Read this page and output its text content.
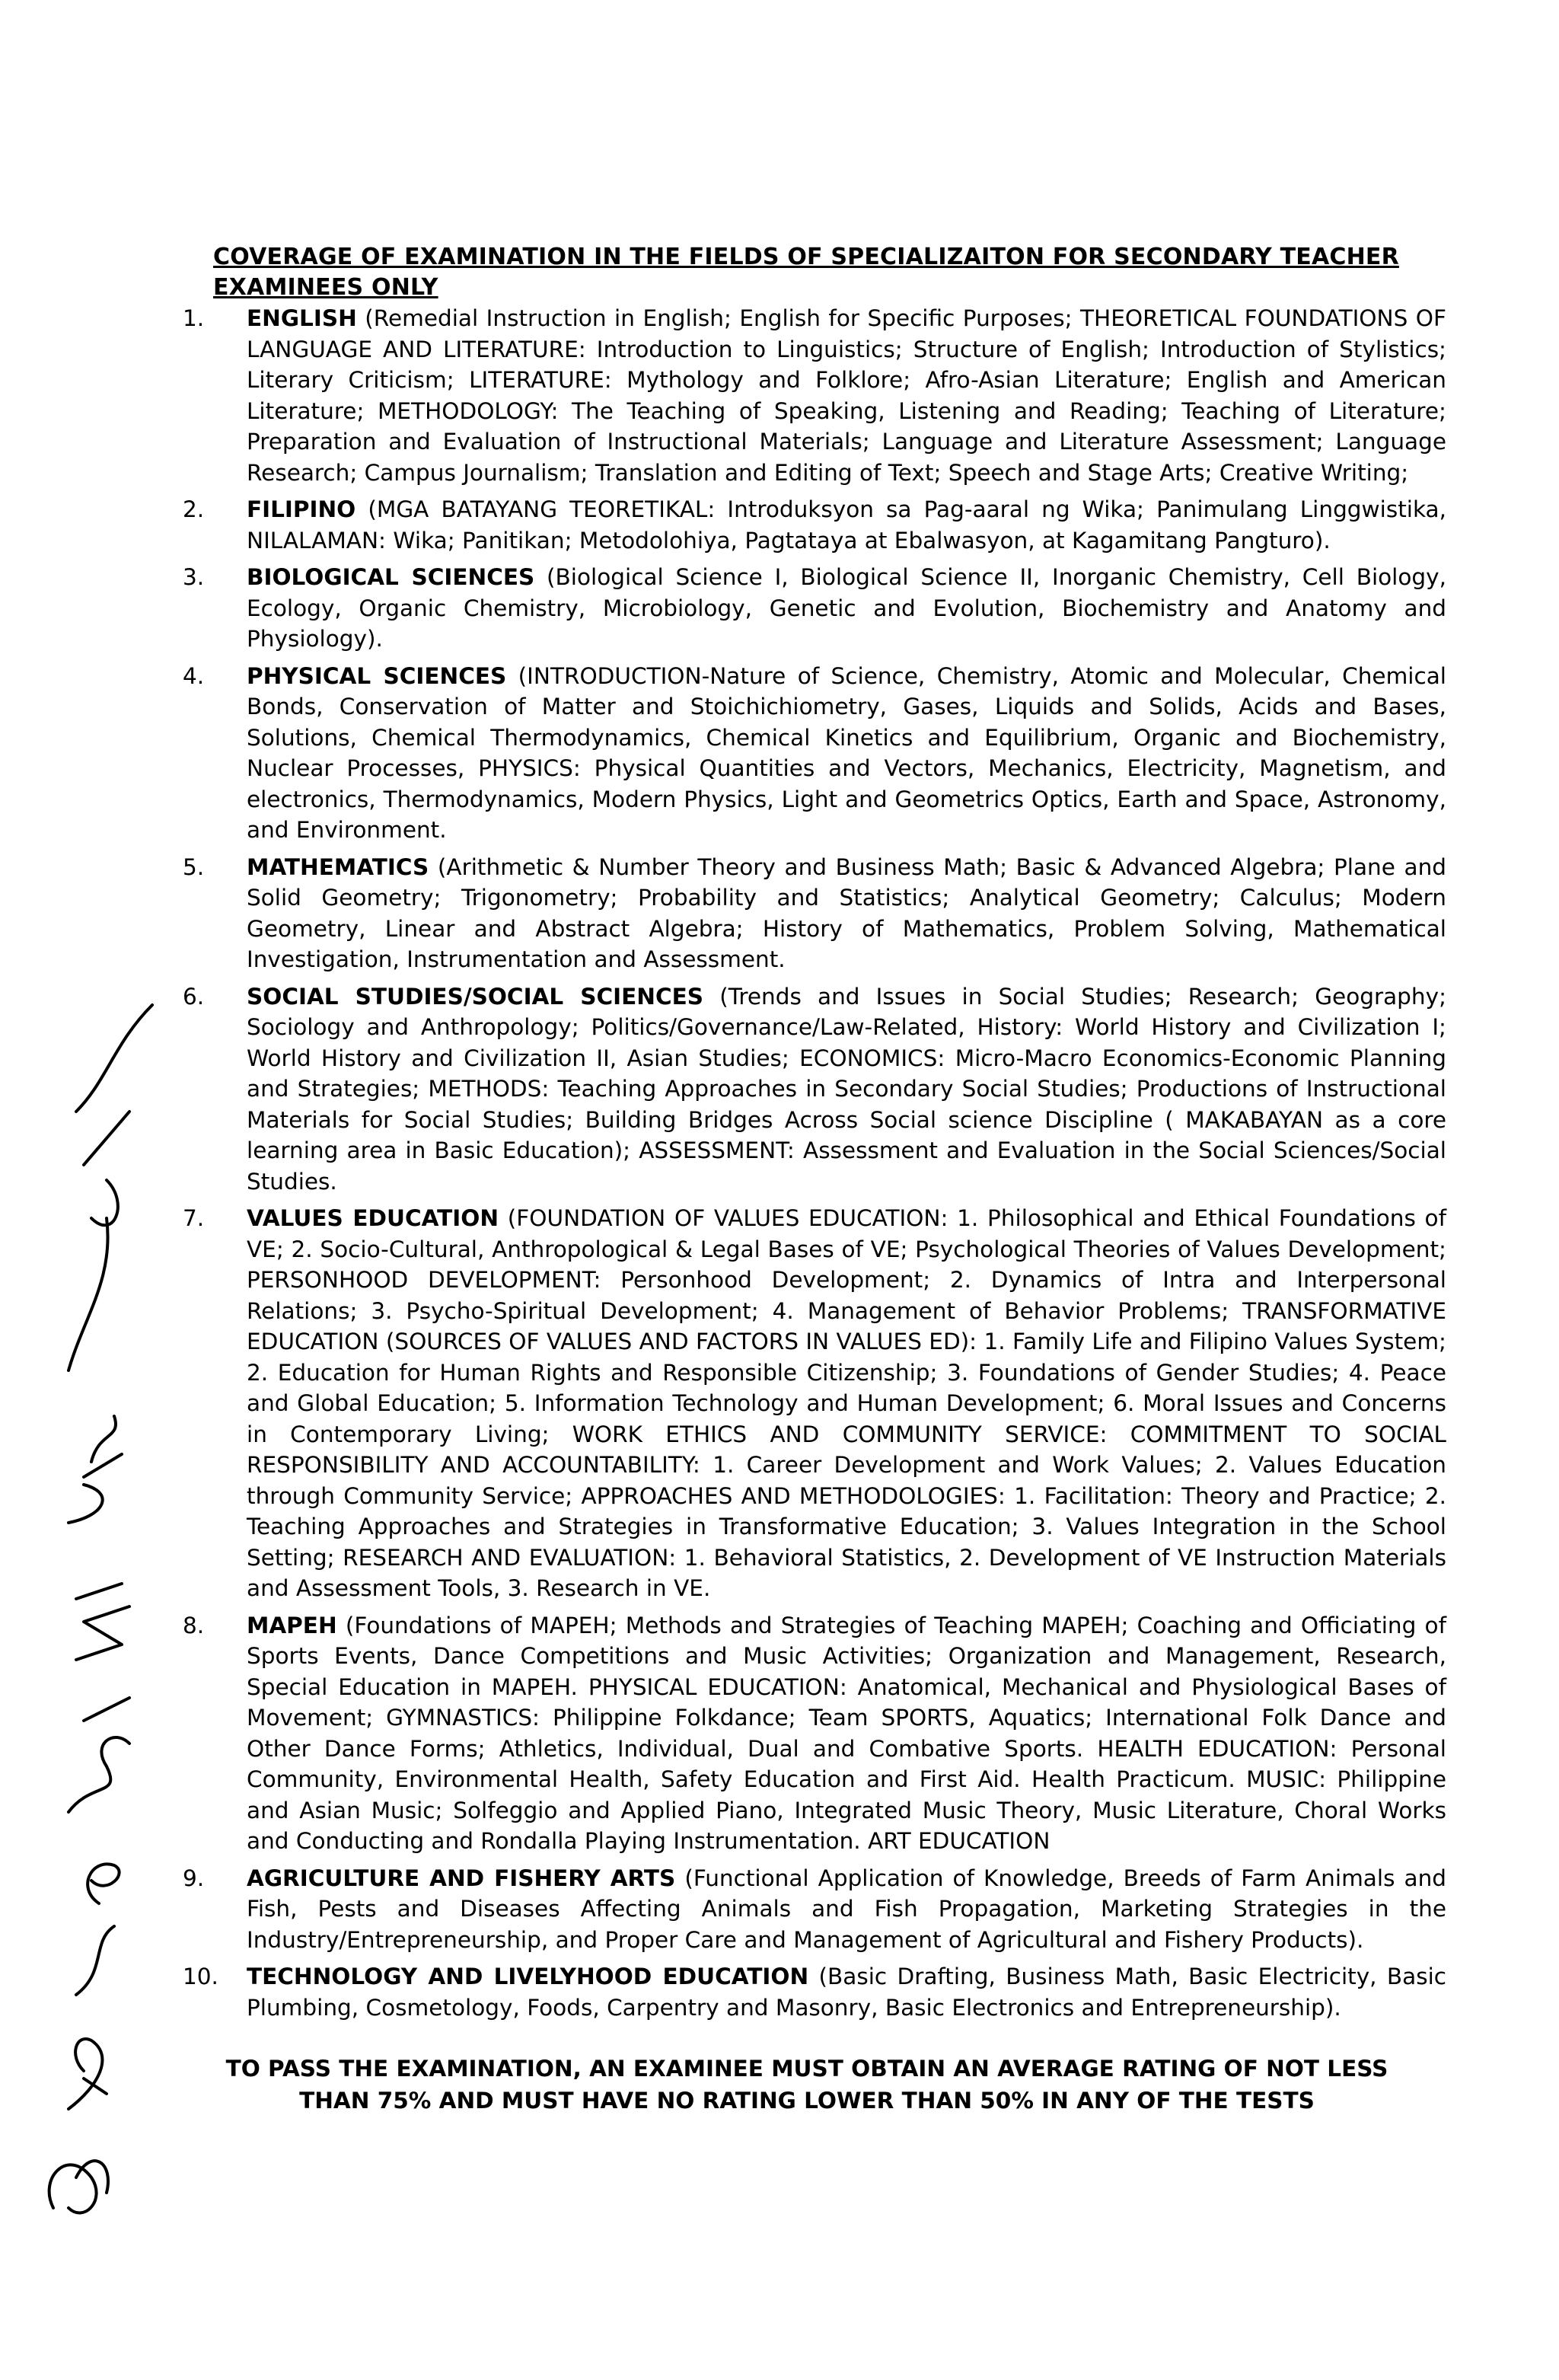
COVERAGE OF EXAMINATION IN THE FIELDS OF SPECIALIZAITON FOR SECONDARY TEACHER EXAMINEES ONLY
1.	ENGLISH (Remedial Instruction in English; English for Specific Purposes; THEORETICAL FOUNDATIONS OF LANGUAGE AND LITERATURE: Introduction to Linguistics; Structure of English; Introduction of Stylistics; Literary Criticism; LITERATURE: Mythology and Folklore; Afro-Asian Literature; English and American Literature; METHODOLOGY: The Teaching of Speaking, Listening and Reading; Teaching of Literature; Preparation and Evaluation of Instructional Materials; Language and Literature Assessment; Language Research; Campus Journalism; Translation and Editing of Text; Speech and Stage Arts; Creative Writing;
2.	FILIPINO (MGA BATAYANG TEORETIKAL: Introduksyon sa Pag-aaral ng Wika; Panimulang Linggwistika, NILALAMAN: Wika; Panitikan; Metodolohiya, Pagtataya at Ebalwasyon, at Kagamitang Pangturo).
3.	BIOLOGICAL SCIENCES (Biological Science I, Biological Science II, Inorganic Chemistry, Cell Biology, Ecology, Organic Chemistry, Microbiology, Genetic and Evolution, Biochemistry and Anatomy and Physiology).
4.	PHYSICAL SCIENCES (INTRODUCTION-Nature of Science, Chemistry, Atomic and Molecular, Chemical Bonds, Conservation of Matter and Stoichichiometry, Gases, Liquids and Solids, Acids and Bases, Solutions, Chemical Thermodynamics, Chemical Kinetics and Equilibrium, Organic and Biochemistry, Nuclear Processes, PHYSICS: Physical Quantities and Vectors, Mechanics, Electricity, Magnetism, and electronics, Thermodynamics, Modern Physics, Light and Geometrics Optics, Earth and Space, Astronomy, and Environment.
5.	MATHEMATICS (Arithmetic & Number Theory and Business Math; Basic & Advanced Algebra; Plane and Solid Geometry; Trigonometry; Probability and Statistics; Analytical Geometry; Calculus; Modern Geometry, Linear and Abstract Algebra; History of Mathematics, Problem Solving, Mathematical Investigation, Instrumentation and Assessment.
6.	SOCIAL STUDIES/SOCIAL SCIENCES (Trends and Issues in Social Studies; Research; Geography; Sociology and Anthropology; Politics/Governance/Law-Related, History: World History and Civilization I; World History and Civilization II, Asian Studies; ECONOMICS: Micro-Macro Economics-Economic Planning and Strategies; METHODS: Teaching Approaches in Secondary Social Studies; Productions of Instructional Materials for Social Studies; Building Bridges Across Social science Discipline ( MAKABAYAN as a core learning area in Basic Education); ASSESSMENT: Assessment and Evaluation in the Social Sciences/Social Studies.
7.	VALUES EDUCATION (FOUNDATION OF VALUES EDUCATION: 1. Philosophical and Ethical Foundations of VE; 2. Socio-Cultural, Anthropological & Legal Bases of VE; Psychological Theories of Values Development; PERSONHOOD DEVELOPMENT: Personhood Development; 2. Dynamics of Intra and Interpersonal Relations; 3. Psycho-Spiritual Development; 4. Management of Behavior Problems; TRANSFORMATIVE EDUCATION (SOURCES OF VALUES AND FACTORS IN VALUES ED): 1. Family Life and Filipino Values System; 2. Education for Human Rights and Responsible Citizenship; 3. Foundations of Gender Studies; 4. Peace and Global Education; 5. Information Technology and Human Development; 6. Moral Issues and Concerns in Contemporary Living; WORK ETHICS AND COMMUNITY SERVICE: COMMITMENT TO SOCIAL RESPONSIBILITY AND ACCOUNTABILITY: 1. Career Development and Work Values; 2. Values Education through Community Service; APPROACHES AND METHODOLOGIES: 1. Facilitation: Theory and Practice; 2. Teaching Approaches and Strategies in Transformative Education; 3. Values Integration in the School Setting; RESEARCH AND EVALUATION: 1. Behavioral Statistics, 2. Development of VE Instruction Materials and Assessment Tools, 3. Research in VE.
8.	MAPEH (Foundations of MAPEH; Methods and Strategies of Teaching MAPEH; Coaching and Officiating of Sports Events, Dance Competitions and Music Activities; Organization and Management, Research, Special Education in MAPEH. PHYSICAL EDUCATION: Anatomical, Mechanical and Physiological Bases of Movement; GYMNASTICS: Philippine Folkdance; Team SPORTS, Aquatics; International Folk Dance and Other Dance Forms; Athletics, Individual, Dual and Combative Sports. HEALTH EDUCATION: Personal Community, Environmental Health, Safety Education and First Aid. Health Practicum. MUSIC: Philippine and Asian Music; Solfeggio and Applied Piano, Integrated Music Theory, Music Literature, Choral Works and Conducting and Rondalla Playing Instrumentation. ART EDUCATION
9.	AGRICULTURE AND FISHERY ARTS (Functional Application of Knowledge, Breeds of Farm Animals and Fish, Pests and Diseases Affecting Animals and Fish Propagation, Marketing Strategies in the Industry/Entrepreneurship, and Proper Care and Management of Agricultural and Fishery Products).
10.	TECHNOLOGY AND LIVELYHOOD EDUCATION (Basic Drafting, Business Math, Basic Electricity, Basic Plumbing, Cosmetology, Foods, Carpentry and Masonry, Basic Electronics and Entrepreneurship).
TO PASS THE EXAMINATION, AN EXAMINEE MUST OBTAIN AN AVERAGE RATING OF NOT LESS THAN 75% AND MUST HAVE NO RATING LOWER THAN 50% IN ANY OF THE TESTS
